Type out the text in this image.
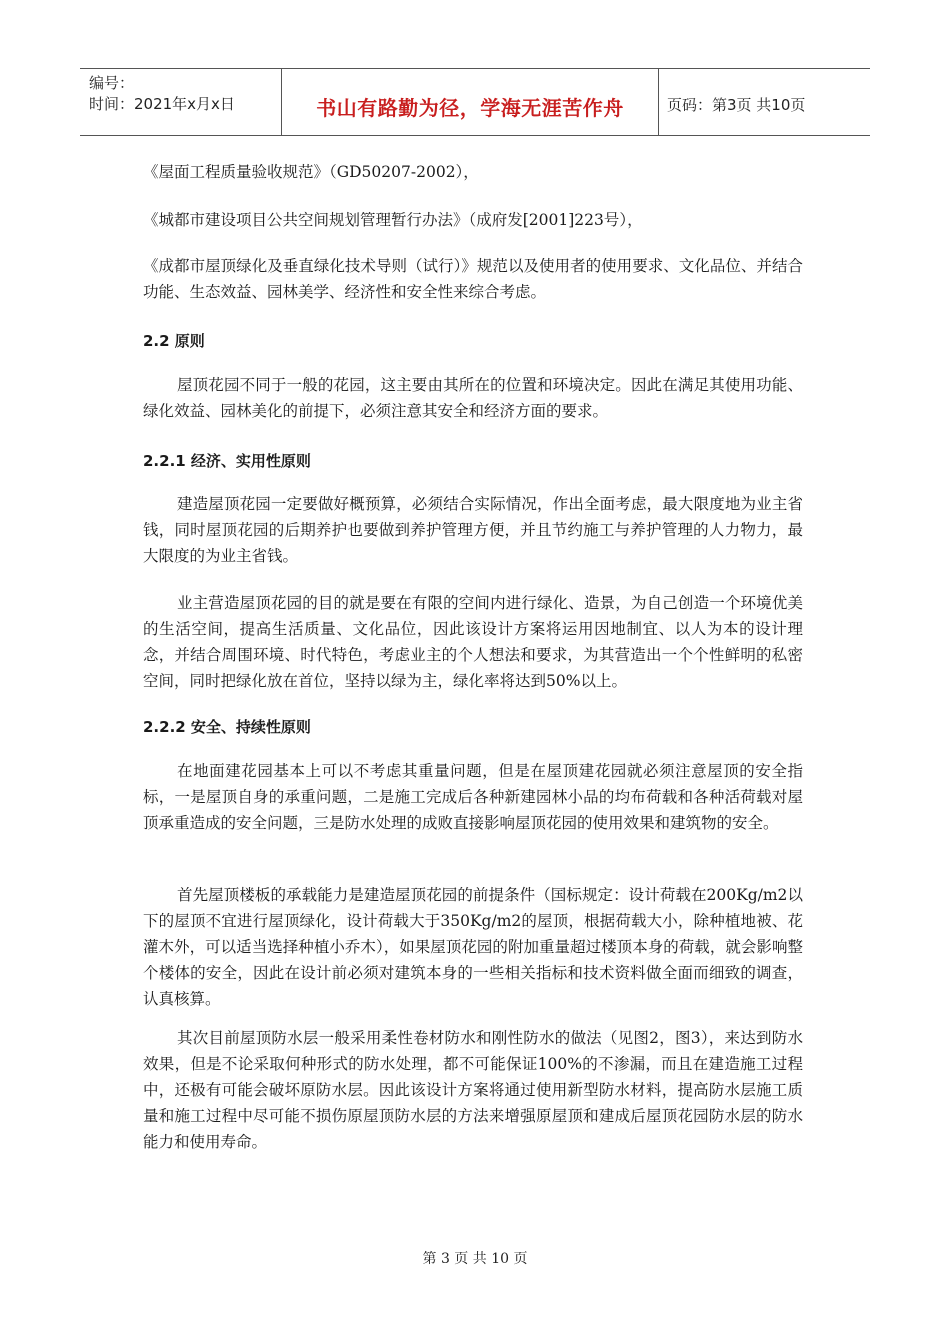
编号：
时间：2021年x月x日	书山有路勤为径，学海无涯苦作舟	页码：第3页 共10页
《屋面工程质量验收规范》（GD50207-2002），
《城都市建设项目公共空间规划管理暂行办法》（成府发[2001]223号），
《成都市屋顶绿化及垂直绿化技术导则（试行）》规范以及使用者的使用要求、文化品位、并结合功能、生态效益、园林美学、经济性和安全性来综合考虑。
2.2 原则
屋顶花园不同于一般的花园，这主要由其所在的位置和环境决定。因此在满足其使用功能、绿化效益、园林美化的前提下，必须注意其安全和经济方面的要求。
2.2.1 经济、实用性原则
建造屋顶花园一定要做好概预算，必须结合实际情况，作出全面考虑，最大限度地为业主省钱，同时屋顶花园的后期养护也要做到养护管理方便，并且节约施工与养护管理的人力物力，最大限度的为业主省钱。
业主营造屋顶花园的目的就是要在有限的空间内进行绿化、造景，为自己创造一个环境优美的生活空间，提高生活质量、文化品位，因此该设计方案将运用因地制宜、以人为本的设计理念，并结合周围环境、时代特色，考虑业主的个人想法和要求，为其营造出一个个性鲜明的私密空间，同时把绿化放在首位，坚持以绿为主，绿化率将达到50%以上。
2.2.2 安全、持续性原则
在地面建花园基本上可以不考虑其重量问题，但是在屋顶建花园就必须注意屋顶的安全指标，一是屋顶自身的承重问题，二是施工完成后各种新建园林小品的均布荷载和各种活荷载对屋顶承重造成的安全问题，三是防水处理的成败直接影响屋顶花园的使用效果和建筑物的安全。
首先屋顶楼板的承载能力是建造屋顶花园的前提条件（国标规定：设计荷载在200Kg/m2以下的屋顶不宜进行屋顶绿化，设计荷载大于350Kg/m2的屋顶，根据荷载大小，除种植地被、花灌木外，可以适当选择种植小乔木），如果屋顶花园的附加重量超过楼顶本身的荷载，就会影响整个楼体的安全，因此在设计前必须对建筑本身的一些相关指标和技术资料做全面而细致的调查，认真核算。
其次目前屋顶防水层一般采用柔性卷材防水和刚性防水的做法（见图2，图3），来达到防水效果，但是不论采取何种形式的防水处理，都不可能保证100%的不渗漏，而且在建造施工过程中，还极有可能会破坏原防水层。因此该设计方案将通过使用新型防水材料，提高防水层施工质量和施工过程中尽可能不损伤原屋顶防水层的方法来增强原屋顶和建成后屋顶花园防水层的防水能力和使用寿命。
第 3 页 共 10 页
